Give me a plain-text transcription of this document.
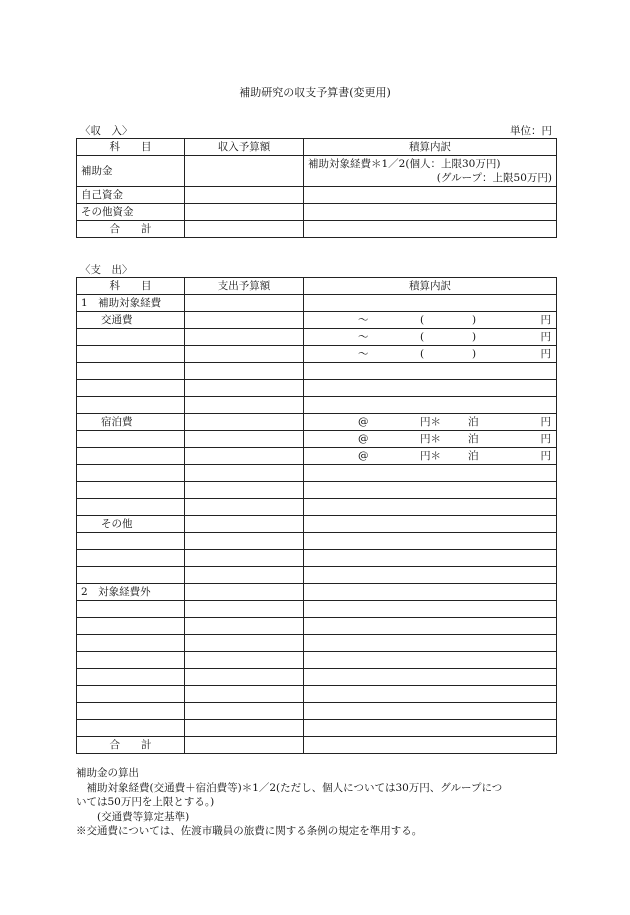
補助研究の収支予算書(変更用)
〈収　入〉	単位：円
科　　目	収入予算額	積算内訳
補助金		補助対象経費＊1／2(個人：上限30万円)
(グループ：上限50万円)

自己資金		
その他資金		
合　　計		
〈支　出〉
科　　目	支出予算額	積算内訳
1　補助対象経費		
交通費		～ ( ) 円

		～ ( ) 円

		～ ( ) 円

宿泊費		@ 円＊ 泊 円

		@ 円＊ 泊 円

		@ 円＊ 泊 円

その他		

2　対象経費外		

合　　計		
補助金の算出
　補助対象経費(交通費＋宿泊費等)＊1／2(ただし、個人については30万円、グループにつ
いては50万円を上限とする。)
　　(交通費等算定基準)
※交通費については、佐渡市職員の旅費に関する条例の規定を準用する。
